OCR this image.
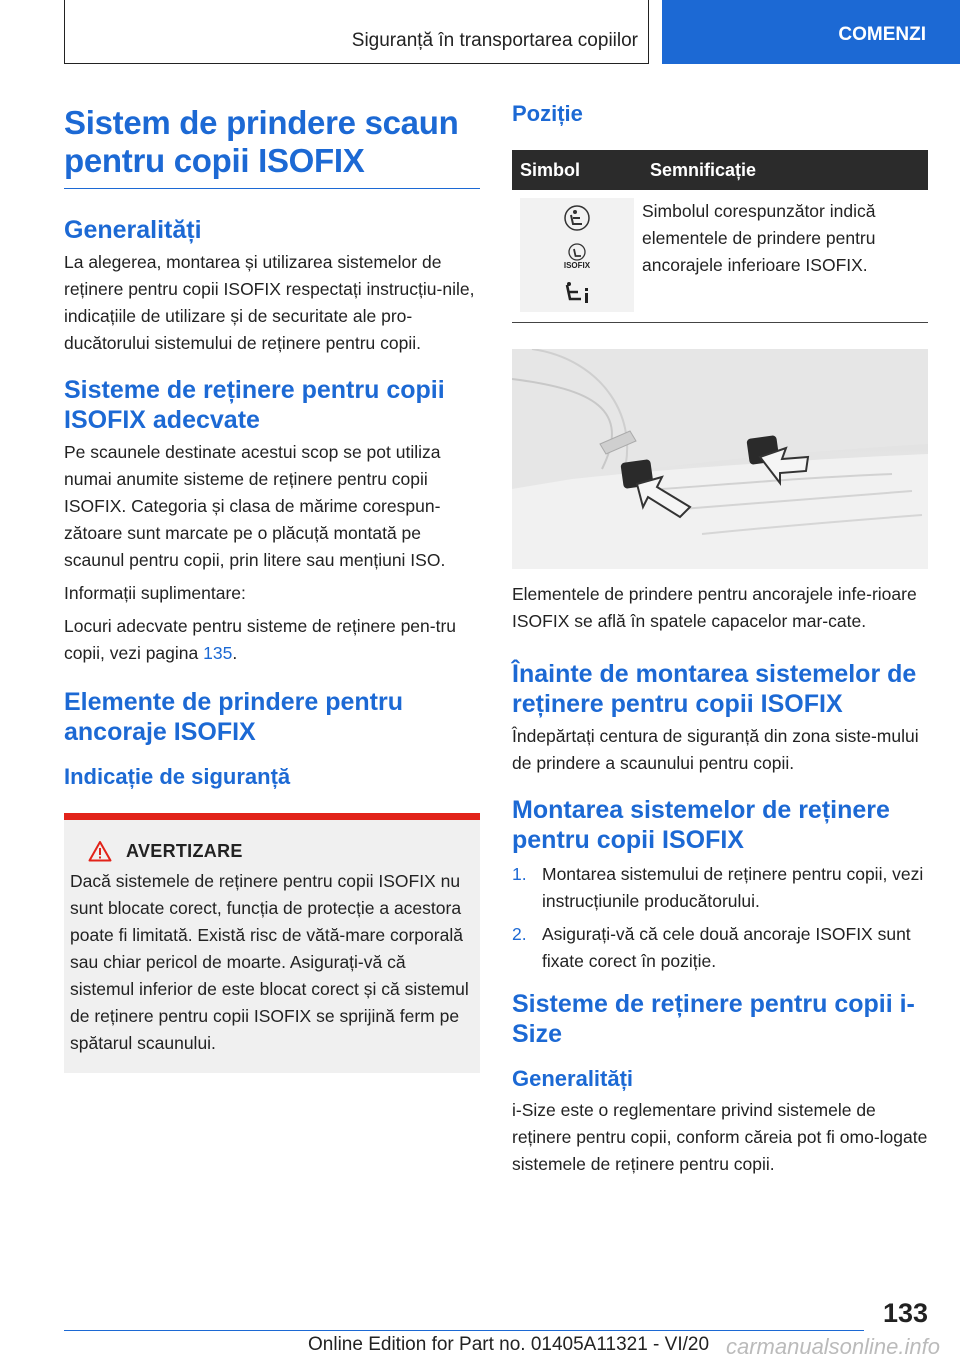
Siguranță în transportarea copiilor	COMENZI
Sistem de prindere scaun pentru copii ISOFIX
Generalități

La alegerea, montarea și utilizarea sistemelor de reținere pentru copii ISOFIX respectați instrucțiu-nile, indicațiile de utilizare și de securitate ale pro-ducătorului sistemului de reținere pentru copii.

Sisteme de reținere pentru copii ISOFIX adecvate

Pe scaunele destinate acestui scop se pot utiliza numai anumite sisteme de reținere pentru copii ISOFIX. Categoria și clasa de mărime corespun-zătoare sunt marcate pe o plăcuță montată pe scaunul pentru copii, prin litere sau mențiuni ISO.

Informații suplimentare:

Locuri adecvate pentru sisteme de reținere pen-tru copii, vezi pagina 135.

Elemente de prindere pentru ancoraje ISOFIX
Indicație de siguranță
AVERTIZARE

Dacă sistemele de reținere pentru copii ISOFIX nu sunt blocate corect, funcția de protecție a acestora poate fi limitată. Există risc de vătă-mare corporală sau chiar pericol de moarte. Asigurați-vă că sistemul inferior de este blocat corect și că sistemul de reținere pentru copii ISOFIX se sprijină ferm pe spătarul scaunului.

Poziție
Simbol	Semnificație

ISOFIX	Simbolul corespunzător indică elementele de prindere pentru ancorajele inferioare ISOFIX.

Elementele de prindere pentru ancorajele infe-rioare ISOFIX se află în spatele capacelor mar-cate.

Înainte de montarea sistemelor de reținere pentru copii ISOFIX

Îndepărtați centura de siguranță din zona siste-mului de prindere a scaunului pentru copii.

Montarea sistemelor de reținere pentru copii ISOFIX
1. Montarea sistemului de reținere pentru copii, vezi instrucțiunile producătorului.
2. Asigurați-vă că cele două ancoraje ISOFIX sunt fixate corect în poziție.
Sisteme de reținere pentru copii i-Size
Generalități

i-Size este o reglementare privind sistemele de reținere pentru copii, conform căreia pot fi omo-logate sistemele de reținere pentru copii.

133
Online Edition for Part no. 01405A11321 - VI/20 carmanualsonline.info
